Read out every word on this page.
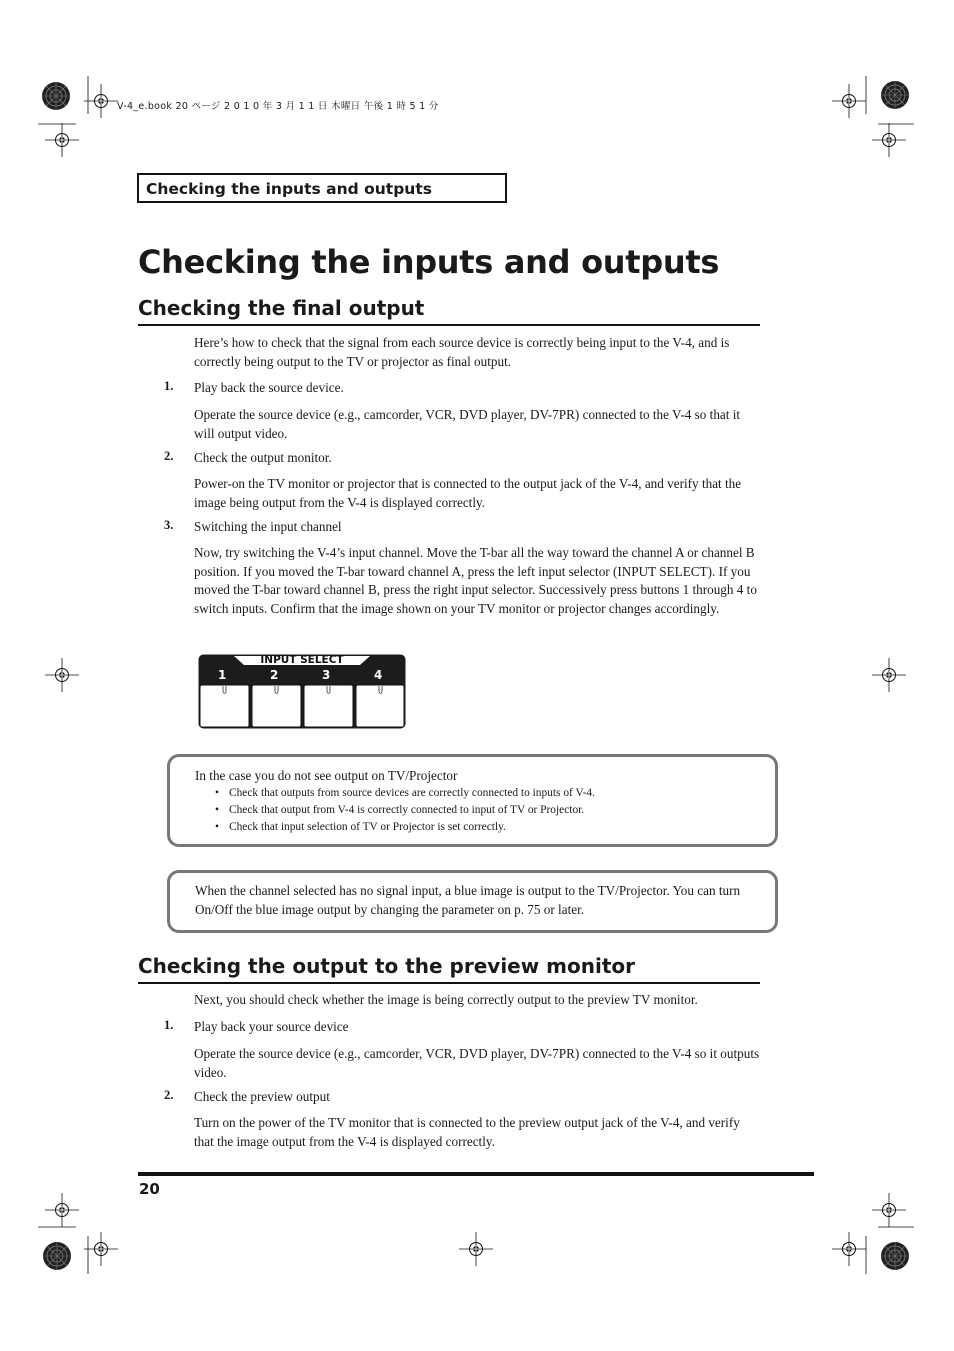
V-4_e.book 20 ページ 2 0 1 0 年 3 月 1 1 日 木曜日 午後 1 時 5 1 分
Checking the inputs and outputs
Checking the inputs and outputs
Checking the final output
Here’s how to check that the signal from each source device is correctly being input to the V-4, and is correctly being output to the TV or projector as final output.
1. Play back the source device.
Operate the source device (e.g., camcorder, VCR, DVD player, DV-7PR) connected to the V-4 so that it will output video.
2. Check the output monitor.
Power-on the TV monitor or projector that is connected to the output jack of the V-4, and verify that the image being output from the V-4 is displayed correctly.
3. Switching the input channel
Now, try switching the V-4’s input channel. Move the T-bar all the way toward the channel A or channel B position. If you moved the T-bar toward channel A, press the left input selector (INPUT SELECT). If you moved the T-bar toward channel B, press the right input selector. Successively press buttons 1 through 4 to switch inputs. Confirm that the image shown on your TV monitor or projector changes accordingly.
INPUT SELECT
1	2	3	4
In the case you do not see output on TV/Projector
• Check that outputs from source devices are correctly connected to inputs of V-4.
• Check that output from V-4 is correctly connected to input of TV or Projector.
• Check that input selection of TV or Projector is set correctly.
When the channel selected has no signal input, a blue image is output to the TV/Projector. You can turn On/Off the blue image output by changing the parameter on p. 75 or later.
Checking the output to the preview monitor
Next, you should check whether the image is being correctly output to the preview TV monitor.
1. Play back your source device
Operate the source device (e.g., camcorder, VCR, DVD player, DV-7PR) connected to the V-4 so it outputs video.
2. Check the preview output
Turn on the power of the TV monitor that is connected to the preview output jack of the V-4, and verify that the image output from the V-4 is displayed correctly.
20
